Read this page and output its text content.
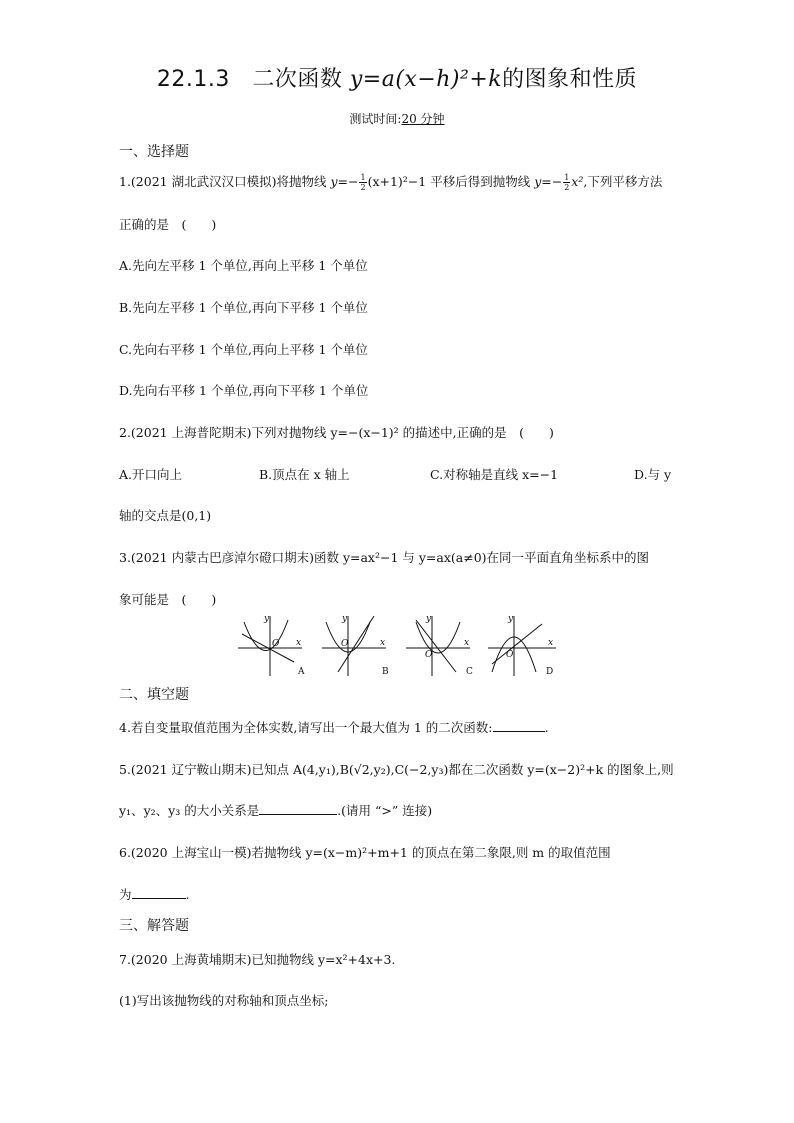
22.1.3　二次函数 y=a(x−h)²+k的图象和性质
测试时间:20 分钟
一、选择题
1.(2021 湖北武汉汉口模拟)将抛物线 $y=- \frac{1}{2} (x+1)^2-1$ 平移后得到抛物线 $y=- \frac{1}{2} x^2$,下列平移方法
正确的是　(　　)
A.先向左平移 1 个单位,再向上平移 1 个单位
B.先向左平移 1 个单位,再向下平移 1 个单位
C.先向右平移 1 个单位,再向上平移 1 个单位
D.先向右平移 1 个单位,再向下平移 1 个单位
2.(2021 上海普陀期末)下列对抛物线 y=−(x−1)² 的描述中,正确的是　(　　)
A.开口向上	B.顶点在 x 轴上	C.对称轴是直线 x=−1	D.与 y
轴的交点是(0,1)
3.(2021 内蒙古巴彦淖尔磴口期末)函数 y=ax²−1 与 y=ax(a≠0)在同一平面直角坐标系中的图
象可能是　(　　)
y
x
O
A
y
x
O
B
y
x
O
C
y
x
O
D
二、填空题
4.若自变量取值范围为全体实数,请写出一个最大值为 1 的二次函数:	.
5.(2021 辽宁鞍山期末)已知点 A(4,y₁),B(√2,y₂),C(−2,y₃)都在二次函数 y=(x−2)²+k 的图象上,则
y₁、y₂、y₃ 的大小关系是	.(请用 “>” 连接)
6.(2020 上海宝山一模)若抛物线 y=(x−m)²+m+1 的顶点在第二象限,则 m 的取值范围
为	.
三、解答题
7.(2020 上海黄埔期末)已知抛物线 y=x²+4x+3.
(1)写出该抛物线的对称轴和顶点坐标;
